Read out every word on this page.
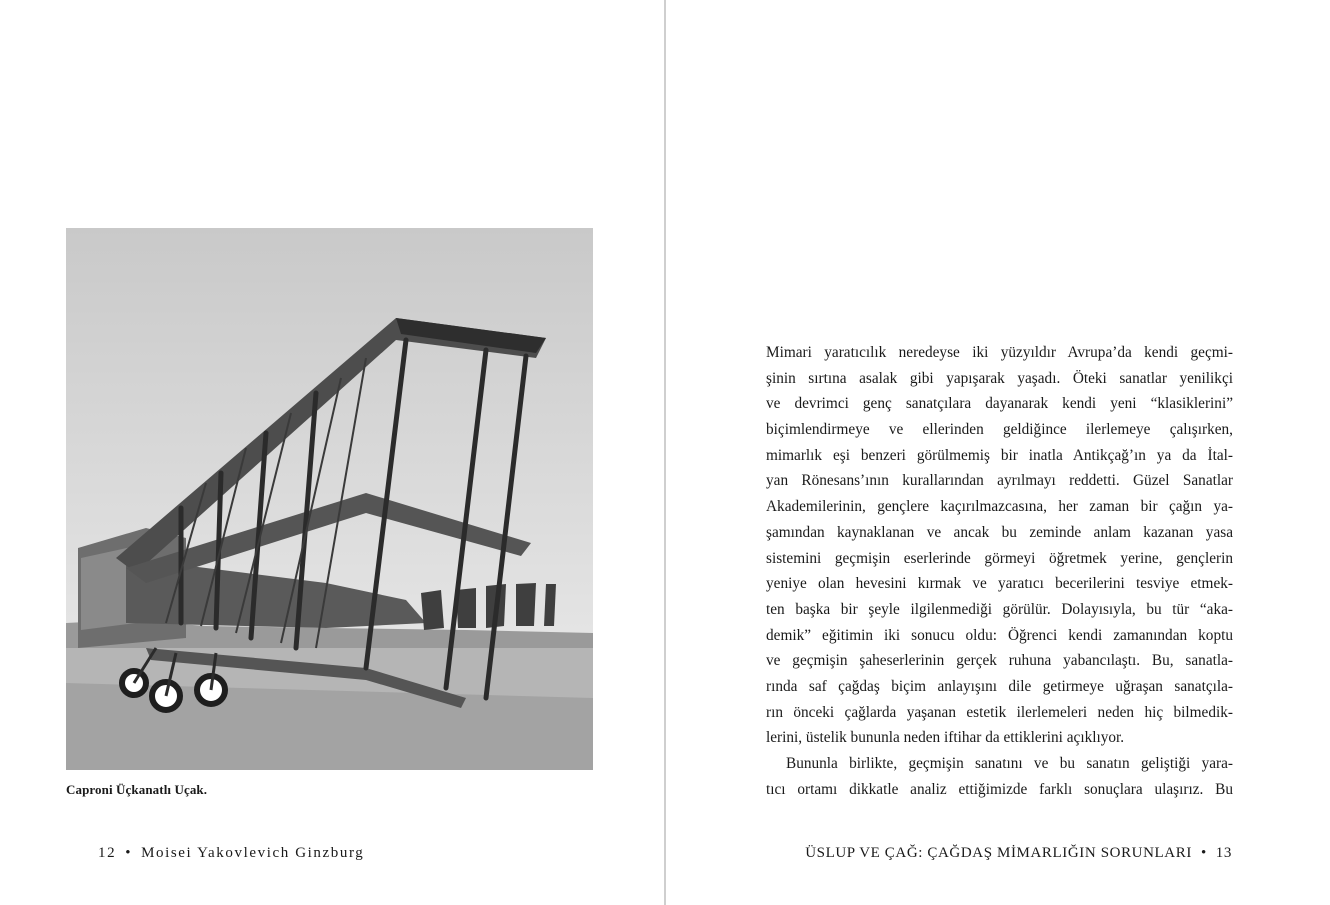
Caproni Üçkanatlı Uçak.
12 • Moisei Yakovlevich Ginzburg
Mimari yaratıcılık neredeyse iki yüzyıldır Avrupa’da kendi geçmi-
şinin sırtına asalak gibi yapışarak yaşadı. Öteki sanatlar yenilikçi
ve devrimci genç sanatçılara dayanarak kendi yeni “klasiklerini”
biçimlendirmeye ve ellerinden geldiğince ilerlemeye çalışırken,
mimarlık eşi benzeri görülmemiş bir inatla Antikçağ’ın ya da İtal-
yan Rönesans’ının kurallarından ayrılmayı reddetti. Güzel Sanatlar
Akademilerinin, gençlere kaçırılmazcasına, her zaman bir çağın ya-
şamından kaynaklanan ve ancak bu zeminde anlam kazanan yasa
sistemini geçmişin eserlerinde görmeyi öğretmek yerine, gençlerin
yeniye olan hevesini kırmak ve yaratıcı becerilerini tesviye etmek-
ten başka bir şeyle ilgilenmediği görülür. Dolayısıyla, bu tür “aka-
demik” eğitimin iki sonucu oldu: Öğrenci kendi zamanından koptu
ve geçmişin şaheserlerinin gerçek ruhuna yabancılaştı. Bu, sanatla-
rında saf çağdaş biçim anlayışını dile getirmeye uğraşan sanatçıla-
rın önceki çağlarda yaşanan estetik ilerlemeleri neden hiç bilmedik-
lerini, üstelik bununla neden iftihar da ettiklerini açıklıyor.
Bununla birlikte, geçmişin sanatını ve bu sanatın geliştiği yara-
tıcı ortamı dikkatle analiz ettiğimizde farklı sonuçlara ulaşırız. Bu
ÜSLUP VE ÇAĞ: ÇAĞDAŞ MİMARLIĞIN SORUNLARI • 13
